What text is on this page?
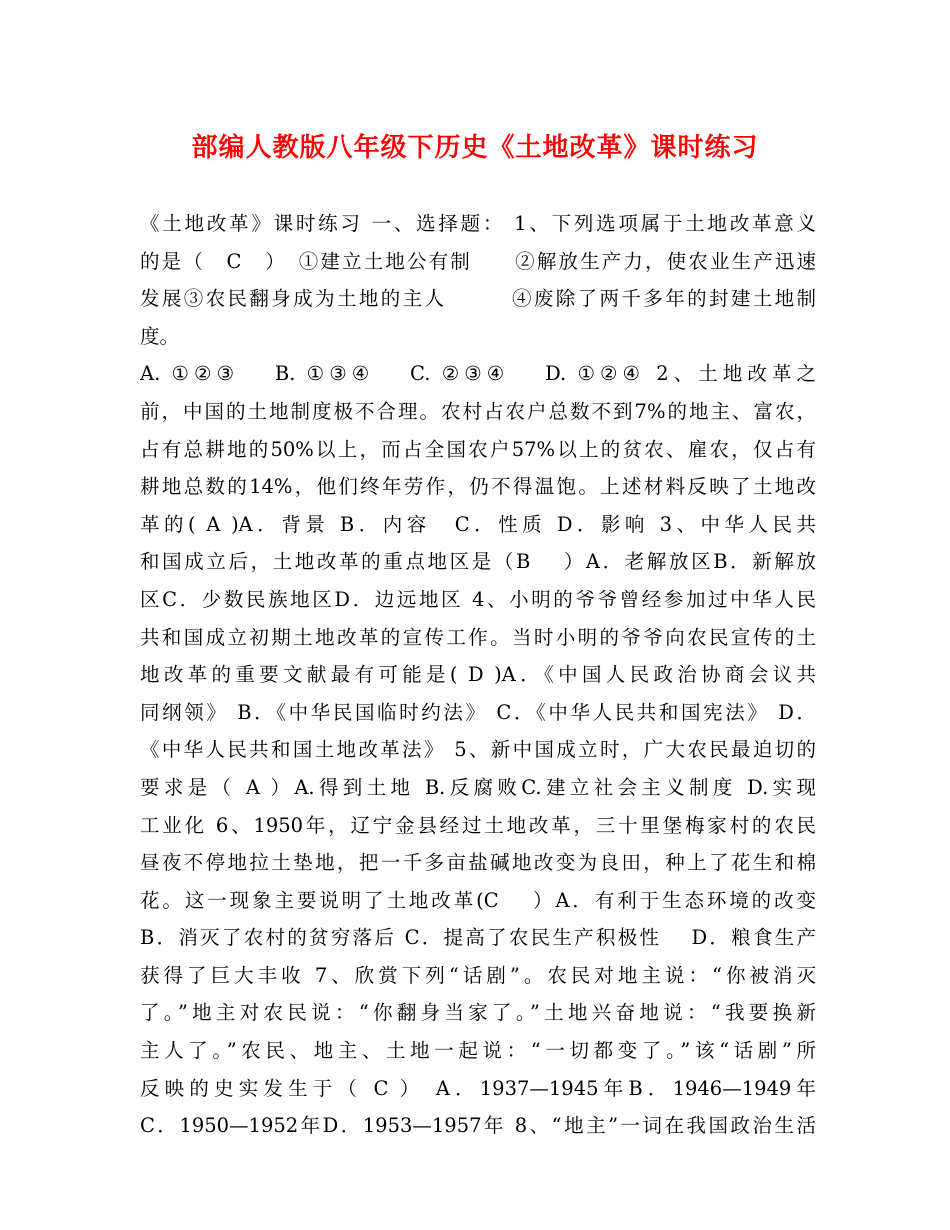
部编人教版八年级下历史《土地改革》课时练习
《土地改革》课时练习 一、选择题： 1、下列选项属于土地改革意义
的是（　C　）　①建立土地公有制　　②解放生产力，使农业生产迅速
发展③农民翻身成为土地的主人　　　④废除了两千多年的封建土地制
度。
A. ①②③　 B. ①③④　 C. ②③④　 D. ①②④ 2、土地改革之
前，中国的土地制度极不合理。农村占农户总数不到7%的地主、富农，
占有总耕地的50%以上，而占全国农户57%以上的贫农、雇农，仅占有
耕地总数的14%，他们终年劳作，仍不得温饱。上述材料反映了土地改
革的( A )A．背景 B．内容　C．性质 D．影响 3、中华人民共
和国成立后，土地改革的重点地区是（B　 ）A．老解放区B．新解放
区C．少数民族地区D．边远地区 4、小明的爷爷曾经参加过中华人民
共和国成立初期土地改革的宣传工作。当时小明的爷爷向农民宣传的土
地改革的重要文献最有可能是( D )A．《中国人民政治协商会议共
同纲领》 B．《中华民国临时约法》 C．《中华人民共和国宪法》 D．
《中华人民共和国土地改革法》 5、新中国成立时，广大农民最迫切的
要求是（ A ）A.得到土地 B.反腐败C.建立社会主义制度 D.实现
工业化 6、1950年，辽宁金县经过土地改革，三十里堡梅家村的农民
昼夜不停地拉土垫地，把一千多亩盐碱地改变为良田，种上了花生和棉
花。这一现象主要说明了土地改革(C　 ）A．有利于生态环境的改变
B．消灭了农村的贫穷落后 C．提高了农民生产积极性　 D．粮食生产
获得了巨大丰收 7、欣赏下列“话剧”。农民对地主说：“你被消灭
了。”地主对农民说：“你翻身当家了。”土地兴奋地说：“我要换新
主人了。”农民、地主、土地一起说：“一切都变了。”该“话剧”所
反映的史实发生于（ C ） A．1937—1945年B．1946—1949年
C．1950—1952年D．1953—1957年 8、“地主”一词在我国政治生活
